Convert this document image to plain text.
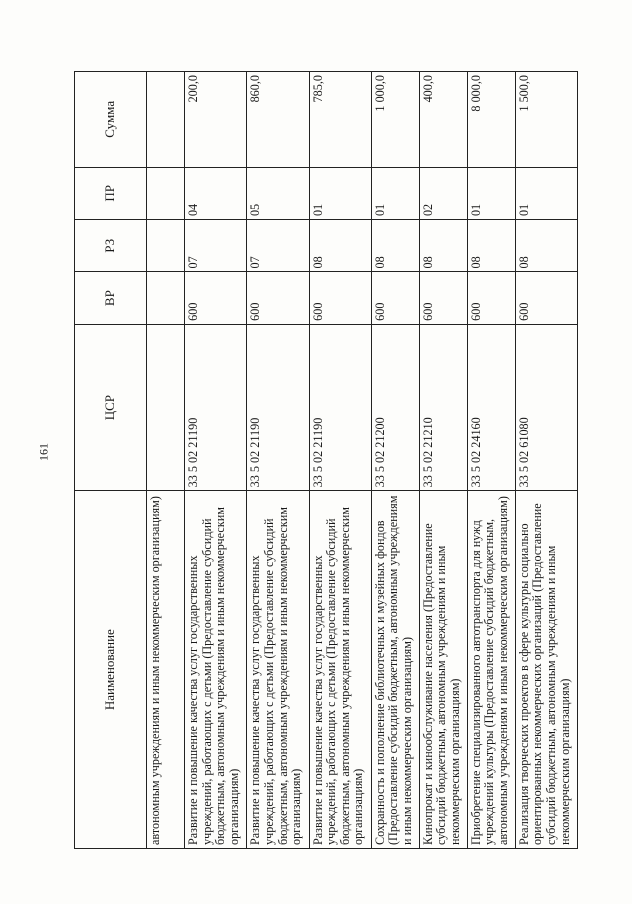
161
Наименование	ЦСР	ВР	РЗ	ПР	Сумма
автономным учреждениям и иным некоммерческим организациям)					
Развитие и повышение качества услуг государственных учреждений, работающих с детьми (Предоставление субсидий бюджетным, автономным учреждениям и иным некоммерческим организациям)	33 5 02 21190	600	07	04	200,0
Развитие и повышение качества услуг государственных учреждений, работающих с детьми (Предоставление субсидий бюджетным, автономным учреждениям и иным некоммерческим организациям)	33 5 02 21190	600	07	05	860,0
Развитие и повышение качества услуг государственных учреждений, работающих с детьми (Предоставление субсидий бюджетным, автономным учреждениям и иным некоммерческим организациям)	33 5 02 21190	600	08	01	785,0
Сохранность и пополнение библиотечных и музейных фондов (Предоставление субсидий бюджетным, автономным учреждениям и иным некоммерческим организациям)	33 5 02 21200	600	08	01	1 000,0
Кинопрокат и кинообслуживание населения (Предоставление субсидий бюджетным, автономным учреждениям и иным некоммерческим организациям)	33 5 02 21210	600	08	02	400,0
Приобретение специализированного автотранспорта для нужд учреждений культуры (Предоставление субсидий бюджетным, автономным учреждениям и иным некоммерческим организациям)	33 5 02 24160	600	08	01	8 000,0
Реализация творческих проектов в сфере культуры социально ориентированных некоммерческих организаций (Предоставление субсидий бюджетным, автономным учреждениям и иным некоммерческим организациям)	33 5 02 61080	600	08	01	1 500,0
